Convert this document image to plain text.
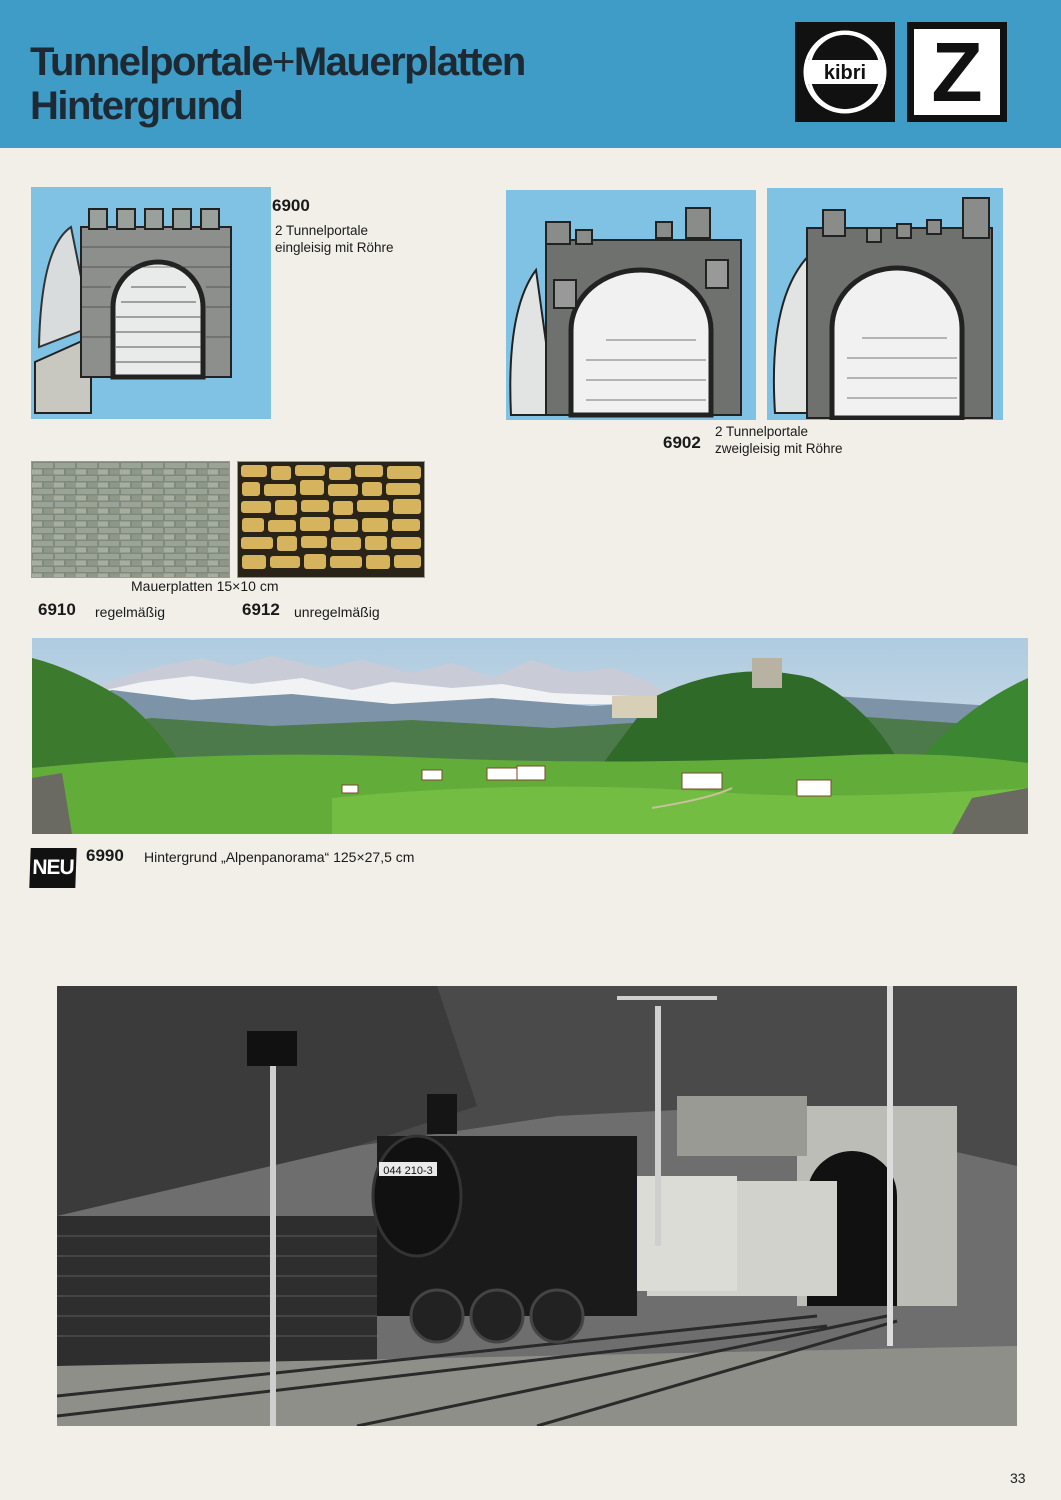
Tunnelportale+Mauerplatten
Hintergrund
kibri Z
6900
2 Tunnelportale
eingleisig mit Röhre
2 Tunnelportale
zweigleisig mit Röhre
6902
Mauerplatten 15×10 cm
6910 regelmäßig	6912 unregelmäßig
NEU
6990 Hintergrund „Alpenpanorama“ 125×27,5 cm
044 210-3
33
